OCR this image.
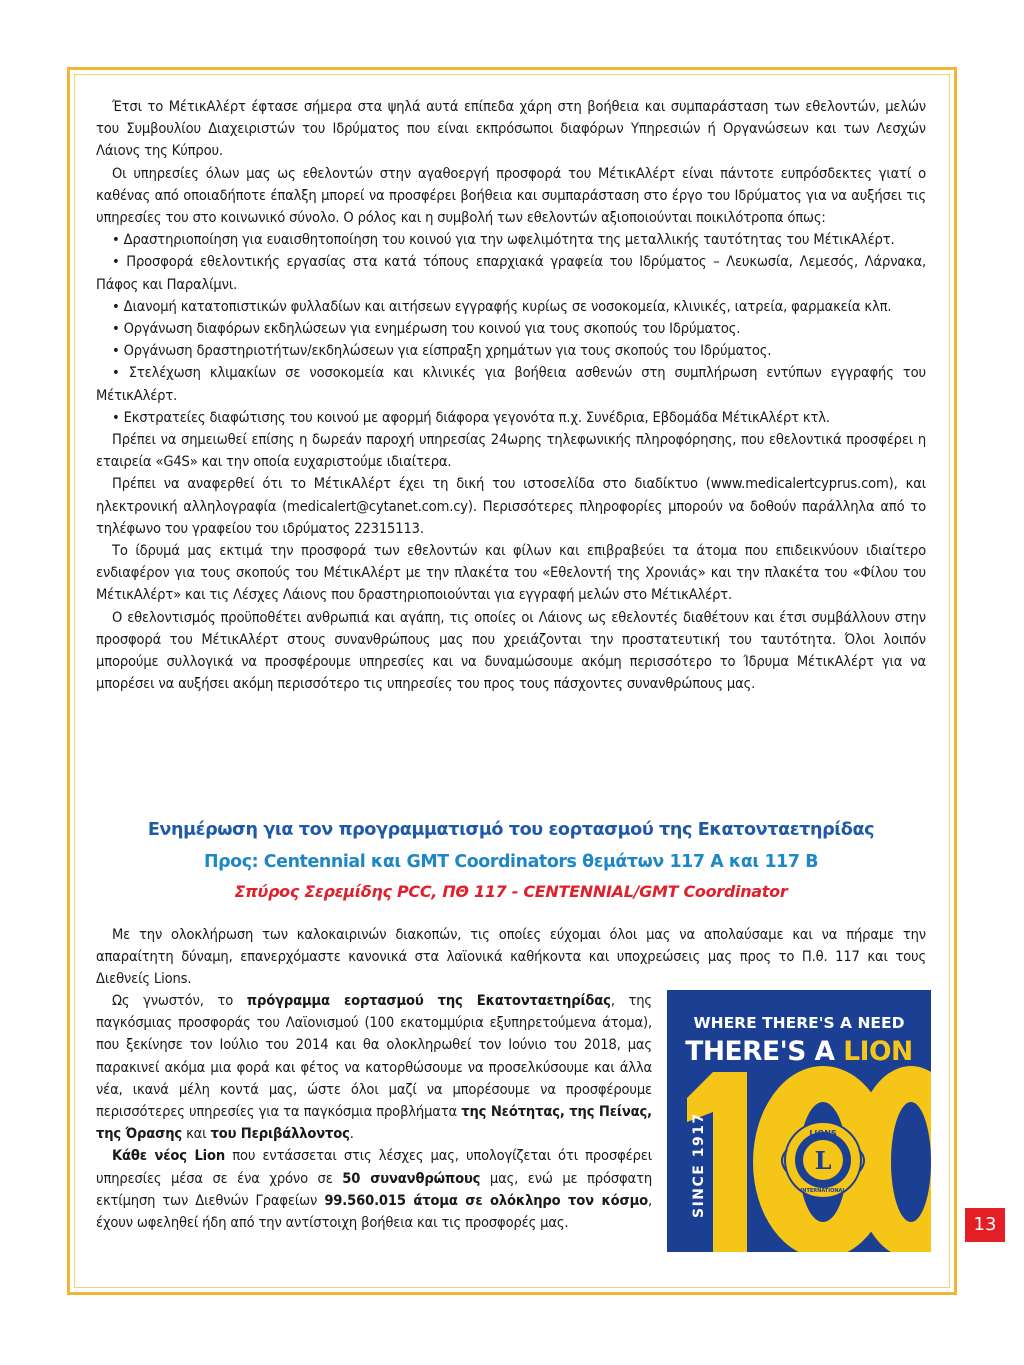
Έτσι το ΜέτικΑλέρτ έφτασε σήμερα στα ψηλά αυτά επίπεδα χάρη στη βοήθεια και συμπαράσταση των εθελοντών, μελών του Συμβουλίου Διαχειριστών του Ιδρύματος που είναι εκπρόσωποι διαφόρων Υπηρεσιών ή Οργανώσεων και των Λεσχών Λάιονς της Κύπρου.

Οι υπηρεσίες όλων μας ως εθελοντών στην αγαθοεργή προσφορά του ΜέτικΑλέρτ είναι πάντοτε ευπρόσδεκτες γιατί ο καθένας από οποιαδήποτε έπαλξη μπορεί να προσφέρει βοήθεια και συμπαράσταση στο έργο του Ιδρύματος για να αυξήσει τις υπηρεσίες του στο κοινωνικό σύνολο. Ο ρόλος και η συμβολή των εθελοντών αξιοποιούνται ποικιλότροπα όπως:

• Δραστηριοποίηση για ευαισθητοποίηση του κοινού για την ωφελιμότητα της μεταλλικής ταυτότητας του ΜέτικΑλέρτ.

• Προσφορά εθελοντικής εργασίας στα κατά τόπους επαρχιακά γραφεία του Ιδρύματος – Λευκωσία, Λεμεσός, Λάρνακα, Πάφος και Παραλίμνι.

• Διανομή κατατοπιστικών φυλλαδίων και αιτήσεων εγγραφής κυρίως σε νοσοκομεία, κλινικές, ιατρεία, φαρμακεία κλπ.

• Οργάνωση διαφόρων εκδηλώσεων για ενημέρωση του κοινού για τους σκοπούς του Ιδρύματος.

• Οργάνωση δραστηριοτήτων/εκδηλώσεων για είσπραξη χρημάτων για τους σκοπούς του Ιδρύματος.

• Στελέχωση κλιμακίων σε νοσοκομεία και κλινικές για βοήθεια ασθενών στη συμπλήρωση εντύπων εγγραφής του ΜέτικΑλέρτ.

• Εκστρατείες διαφώτισης του κοινού με αφορμή διάφορα γεγονότα π.χ. Συνέδρια, Εβδομάδα ΜέτικΑλέρτ κτλ.

Πρέπει να σημειωθεί επίσης η δωρεάν παροχή υπηρεσίας 24ωρης τηλεφωνικής πληροφόρησης, που εθελοντικά προσφέρει η εταιρεία «G4S» και την οποία ευχαριστούμε ιδιαίτερα.

Πρέπει να αναφερθεί ότι το ΜέτικΑλέρτ έχει τη δική του ιστοσελίδα στο διαδίκτυο (www.medicalertcyprus.com), και ηλεκτρονική αλληλογραφία (medicalert@cytanet.com.cy). Περισσότερες πληροφορίες μπορούν να δοθούν παράλληλα από το τηλέφωνο του γραφείου του ιδρύματος 22315113.

Το ίδρυμά μας εκτιμά την προσφορά των εθελοντών και φίλων και επιβραβεύει τα άτομα που επιδεικνύουν ιδιαίτερο ενδιαφέρον για τους σκοπούς του ΜέτικΑλέρτ με την πλακέτα του «Εθελοντή της Χρονιάς» και την πλακέτα του «Φίλου του ΜέτικΑλέρτ» και τις Λέσχες Λάιονς που δραστηριοποιούνται για εγγραφή μελών στο ΜέτικΑλέρτ.

Ο εθελοντισμός προϋποθέτει ανθρωπιά και αγάπη, τις οποίες οι Λάιονς ως εθελοντές διαθέτουν και έτσι συμβάλλουν στην προσφορά του ΜέτικΑλέρτ στους συνανθρώπους μας που χρειάζονται την προστατευτική του ταυτότητα. Όλοι λοιπόν μπορούμε συλλογικά να προσφέρουμε υπηρεσίες και να δυναμώσουμε ακόμη περισσότερο το Ίδρυμα ΜέτικΑλέρτ για να μπορέσει να αυξήσει ακόμη περισσότερο τις υπηρεσίες του προς τους πάσχοντες συνανθρώπους μας.

Ενημέρωση για τον προγραμματισμό του εορτασμού της Εκατονταετηρίδας
Προς: Centennial και GMT Coordinators θεμάτων 117 Α και 117 Β
Σπύρος Σερεμίδης PCC, ΠΘ 117 - CENTENNIAL/GMT Coordinator

Με την ολοκλήρωση των καλοκαιρινών διακοπών, τις οποίες εύχομαι όλοι μας να απολαύσαμε και να πήραμε την απαραίτητη δύναμη, επανερχόμαστε κανονικά στα λαϊονικά καθήκοντα και υποχρεώσεις μας προς το Π.θ. 117 και τους Διεθνείς Lions.

Ως γνωστόν, το πρόγραμμα εορτασμού της Εκατονταετηρίδας, της παγκόσμιας προσφοράς του Λαϊονισμού (100 εκατομμύρια εξυπηρετούμενα άτομα), που ξεκίνησε τον Ιούλιο του 2014 και θα ολοκληρωθεί τον Ιούνιο του 2018, μας παρακινεί ακόμα μια φορά και φέτος να κατορθώσουμε να προσελκύσουμε και άλλα νέα, ικανά μέλη κοντά μας, ώστε όλοι μαζί να μπορέσουμε να προσφέρουμε περισσότερες υπηρεσίες για τα παγκόσμια προβλήματα της Νεότητας, της Πείνας, της Όρασης και του Περιβάλλοντος.

Κάθε νέος Lion που εντάσσεται στις λέσχες μας, υπολογίζεται ότι προσφέρει υπηρεσίες μέσα σε ένα χρόνο σε 50 συνανθρώπους μας, ενώ με πρόσφατη εκτίμηση των Διεθνών Γραφείων 99.560.015 άτομα σε ολόκληρο τον κόσμο, έχουν ωφεληθεί ήδη από την αντίστοιχη βοήθεια και τις προσφορές μας.

WHERE THERE'S A NEED
THERE'S A LION
SINCE 1917	L
LIONS
INTERNATIONAL
13
